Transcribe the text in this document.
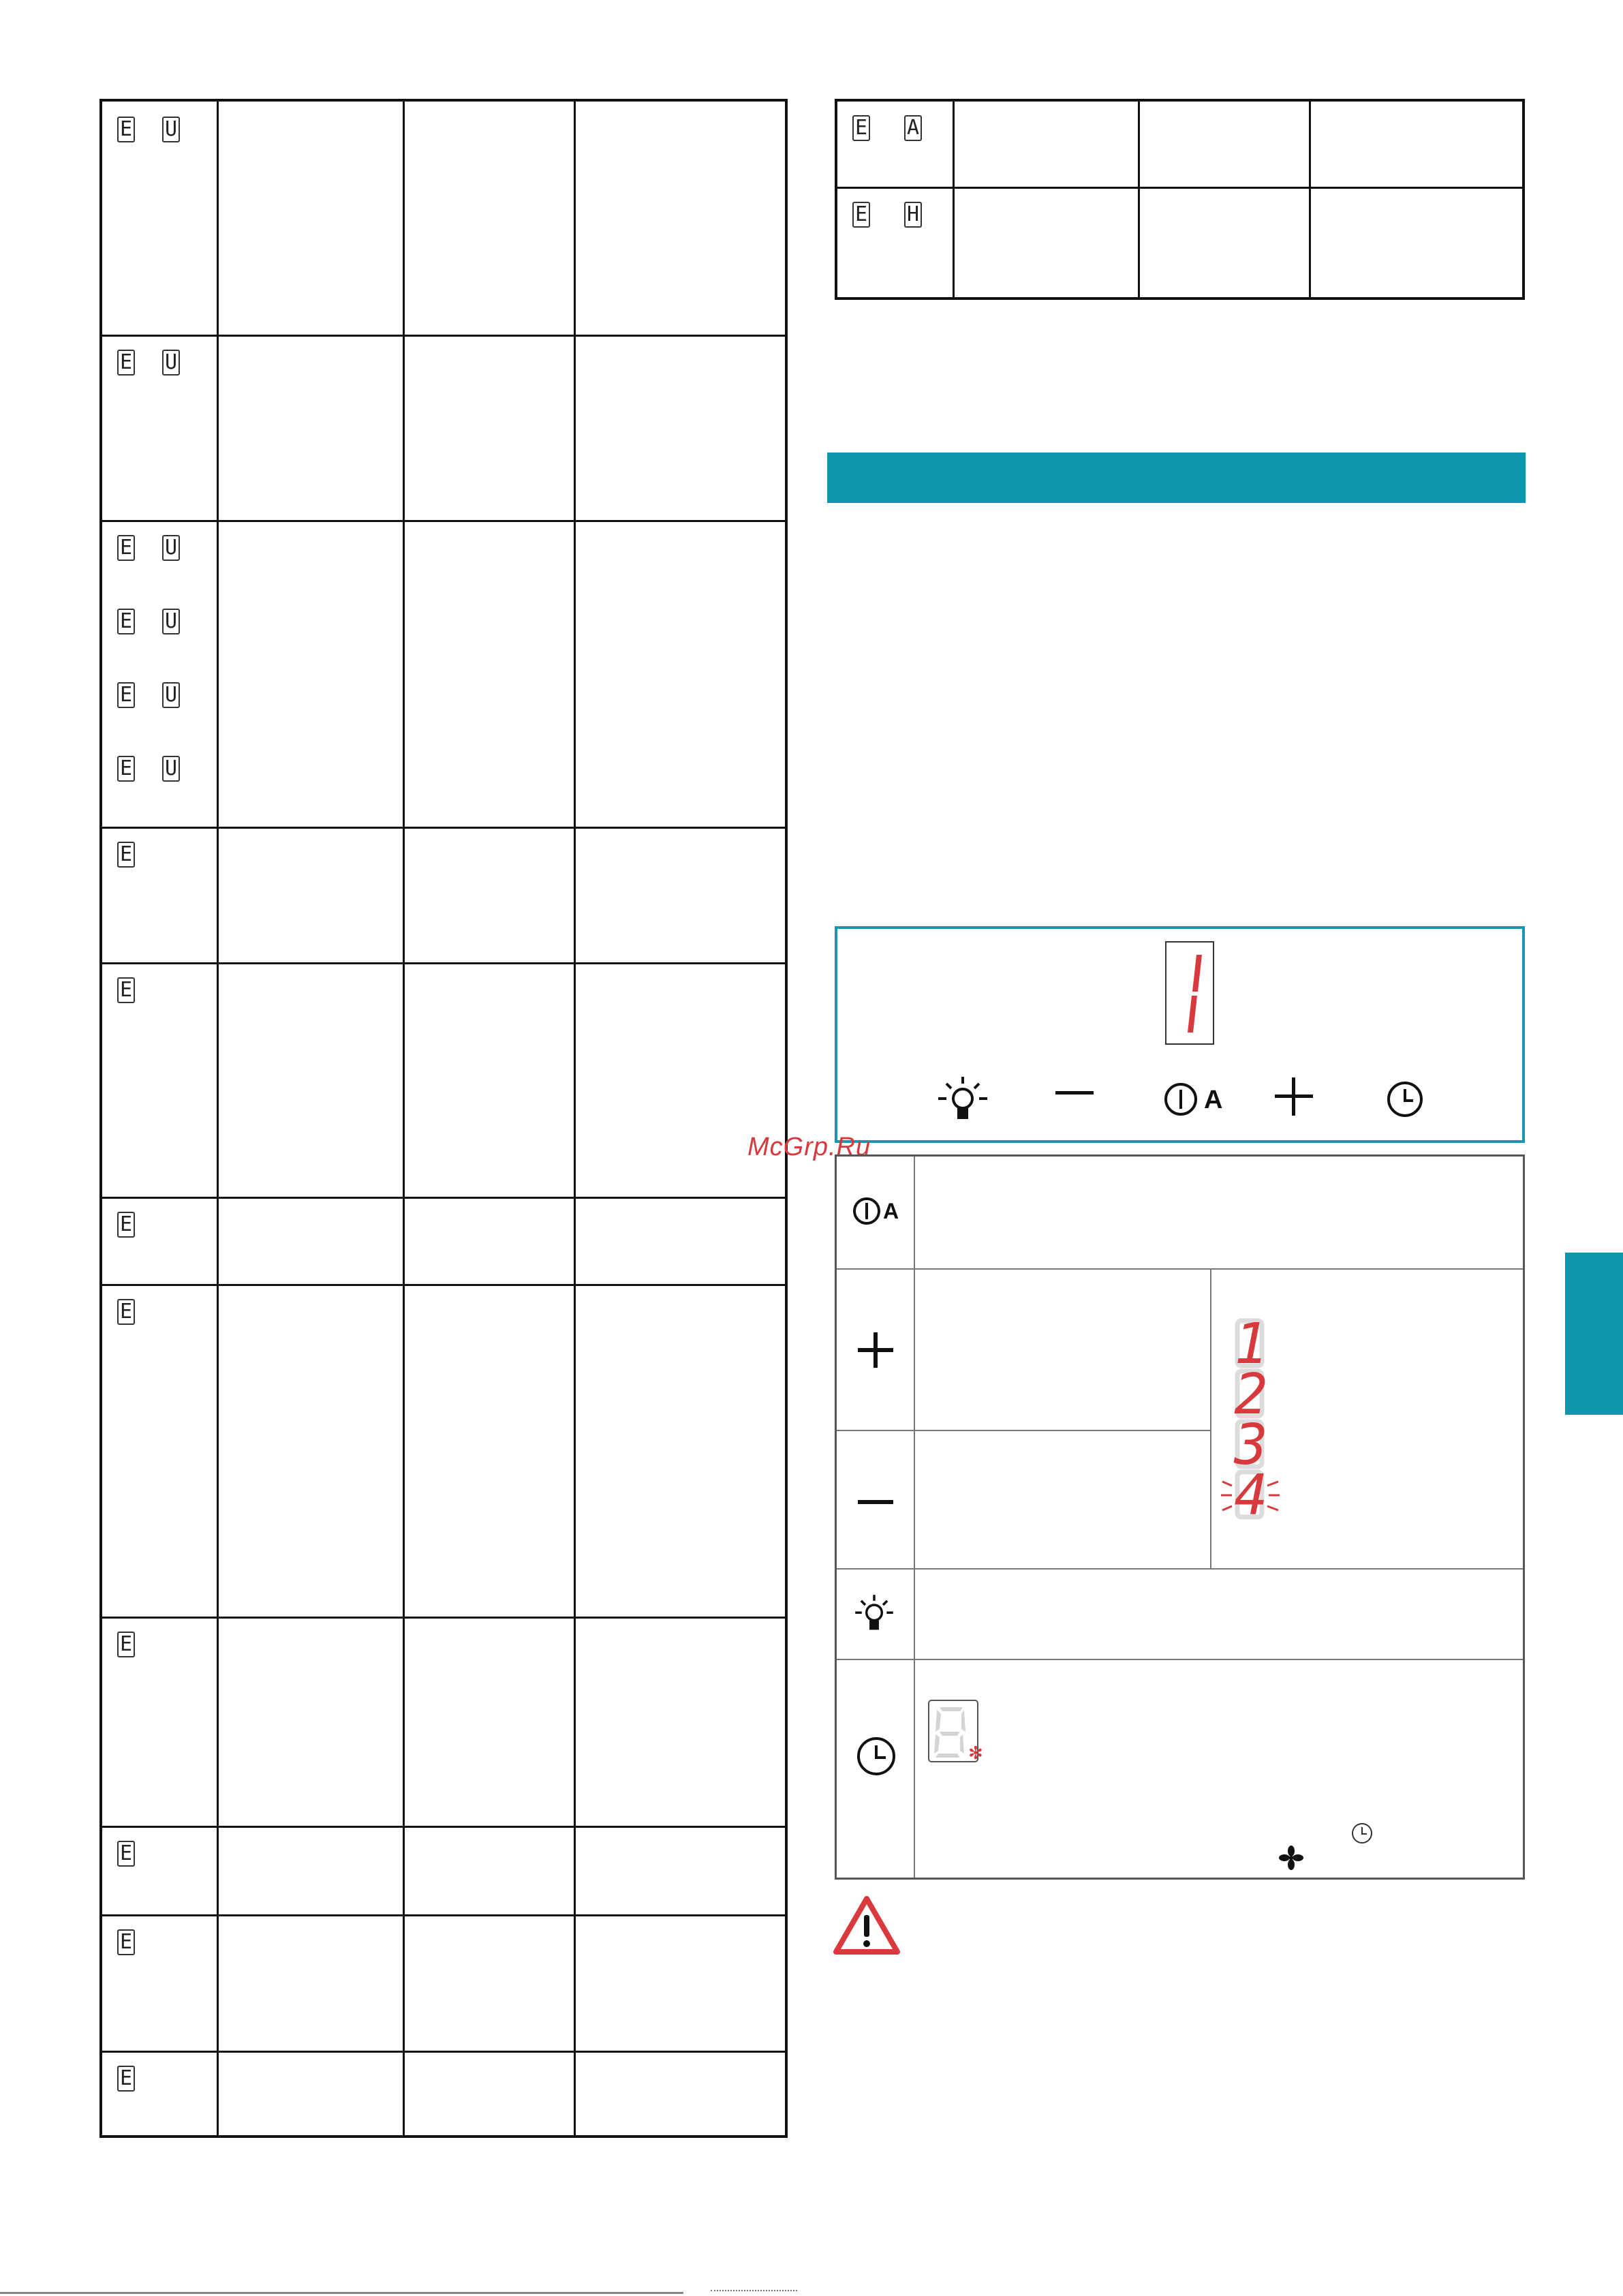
E U
E U
E U
E U
E U
E U
E
E
E
E
E
E
E
E
E A
E H
A
McGrp.Ru
A
1
2
3
4
✻
